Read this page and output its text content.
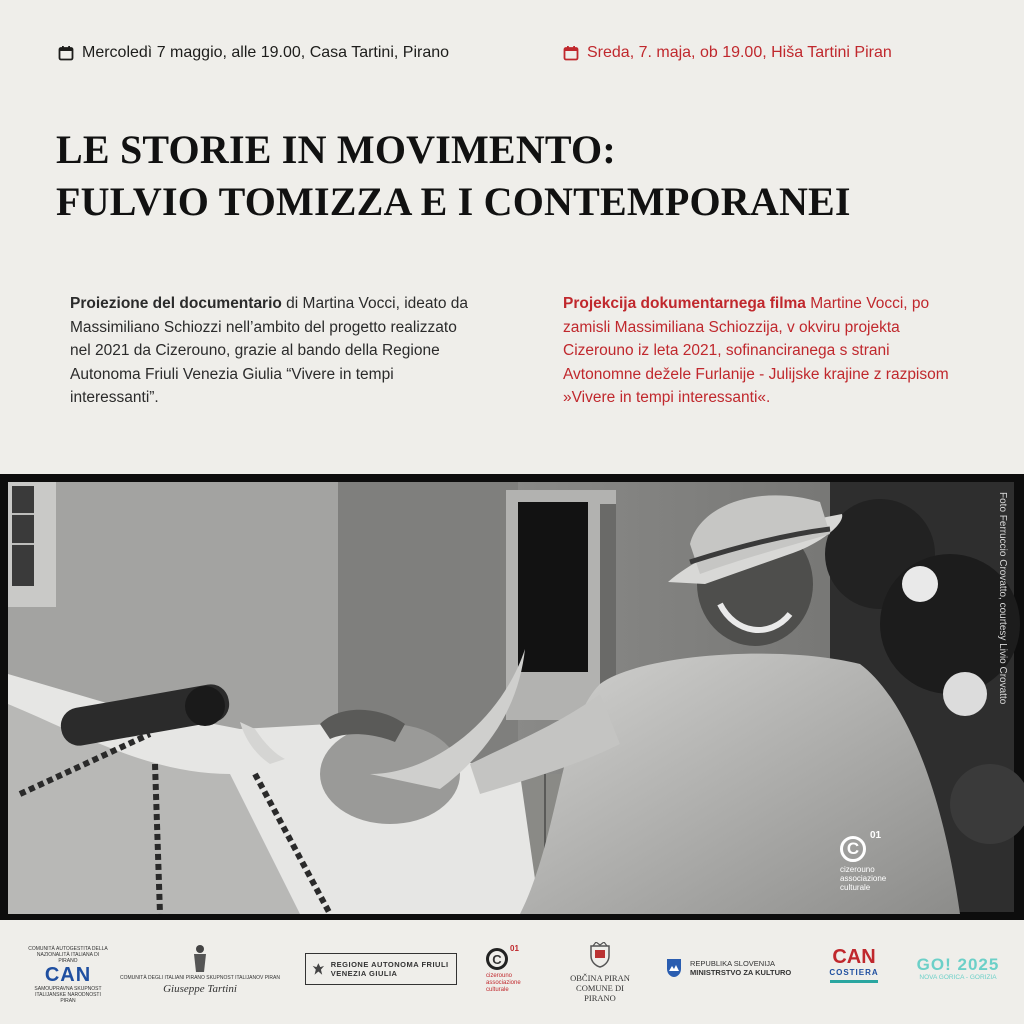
Mercoledì 7 maggio, alle 19.00, Casa Tartini, Pirano	Sreda, 7. maja, ob 19.00, Hiša Tartini Piran
LE STORIE IN MOVIMENTO:
FULVIO TOMIZZA E I CONTEMPORANEI

Proiezione del documentario di Martina Vocci, ideato da Massimiliano Schiozzi nell’ambito del progetto realizzato nel 2021 da Cizerouno, grazie al bando della Regione Autonoma Friuli Venezia Giulia “Vivere in tempi interessanti”.

Projekcija dokumentarnega filma Martine Vocci, po zamisli Massimiliana Schiozzija, v okviru projekta Cizerouno iz leta 2021, sofinanciranega s strani Avtonomne dežele Furlanije - Julijske krajine z razpisom »Vivere in tempi interessanti«.

Foto Ferruccio Crovatto, courtesy Livio Crovatto
C
01
cizerouno associazione culturale
COMUNITÀ AUTOGESTITA DELLA NAZIONALITÀ ITALIANA DI PIRANO
CAN
SAMOUPRAVNA SKUPNOST ITALIJANSKE NARODNOSTI PIRAN
COMUNITÀ DEGLI ITALIANI PIRANO SKUPNOST ITALIJANOV PIRAN
Giuseppe Tartini
REGIONE AUTONOMA FRIULI VENEZIA GIULIA
C
01
cizerouno associazione culturale
OBČINA PIRAN
COMUNE DI PIRANO
REPUBLIKA SLOVENIJA
MINISTRSTVO ZA KULTURO
CAN
COSTIERA	GO! 2025
NOVA GORICA - GORIZIA
